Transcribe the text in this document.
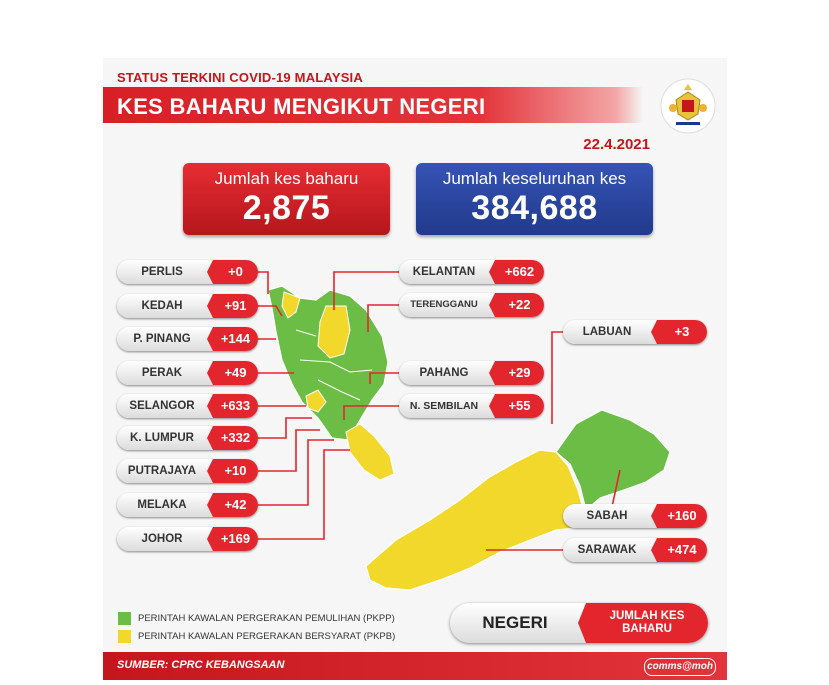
STATUS TERKINI COVID-19 MALAYSIA
KES BAHARU MENGIKUT NEGERI
22.4.2021
Jumlah kes baharu
2,875
Jumlah keseluruhan kes
384,688
PERLIS	+0
KEDAH	+91
P. PINANG	+144
PERAK	+49
SELANGOR	+633
K. LUMPUR	+332
PUTRAJAYA	+10
MELAKA	+42
JOHOR	+169
KELANTAN	+662
TERENGGANU	+22
PAHANG	+29
N. SEMBILAN	+55
LABUAN	+3
SABAH	+160
SARAWAK	+474
PERINTAH KAWALAN PERGERAKAN PEMULIHAN (PKPP)
PERINTAH KAWALAN PERGERAKAN BERSYARAT (PKPB)
NEGERI	JUMLAH KES BAHARU
SUMBER: CPRC KEBANGSAAN	comms@moh
